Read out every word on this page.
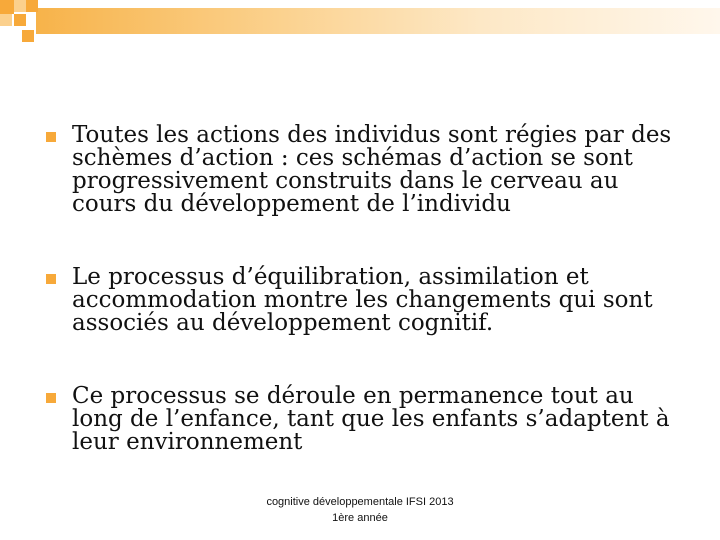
Toutes les actions des individus sont régies par des schèmes d’action : ces schémas d’action se sont progressivement construits dans le cerveau au cours du développement de l’individu
Le processus d’équilibration, assimilation et accommodation montre les changements qui sont associés au développement cognitif.
Ce processus se déroule en permanence tout au long de l’enfance, tant que les enfants s’adaptent à leur environnement
cognitive développementale IFSI 2013
1ère année
